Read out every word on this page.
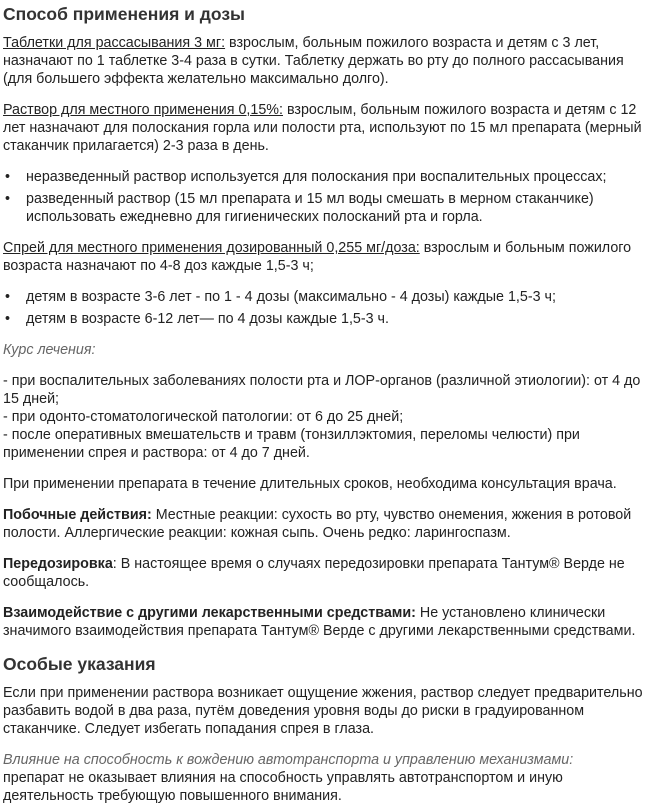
Способ применения и дозы

Таблетки для рассасывания 3 мг: взрослым, больным пожилого возраста и детям с 3 лет, назначают по 1 таблетке 3-4 раза в сутки. Таблетку держать во рту до полного рассасывания (для большего эффекта желательно максимально долго).

Раствор для местного применения 0,15%: взрослым, больным пожилого возраста и детям с 12 лет назначают для полоскания горла или полости рта, используют по 15 мл препарата (мерный стаканчик прилагается) 2-3 раза в день.

• неразведенный раствор используется для полоскания при воспалительных процессах;
• разведенный раствор (15 мл препарата и 15 мл воды смешать в мерном стаканчике) использовать ежедневно для гигиенических полосканий рта и горла.

Спрей для местного применения дозированный 0,255 мг/доза: взрослым и больным пожилого возраста назначают по 4-8 доз каждые 1,5-3 ч;

• детям в возрасте 3-6 лет - по 1 - 4 дозы (максимально - 4 дозы) каждые 1,5-3 ч;
• детям в возрасте 6-12 лет— по 4 дозы каждые 1,5-3 ч.

Курс лечения:

- при воспалительных заболеваниях полости рта и ЛОР-органов (различной этиологии): от 4 до 15 дней;

- при одонто-стоматологической патологии: от 6 до 25 дней;

- после оперативных вмешательств и травм (тонзиллэктомия, переломы челюсти) при применении спрея и раствора: от 4 до 7 дней.

При применении препарата в течение длительных сроков, необходима консультация врача.

Побочные действия: Местные реакции: сухость во рту, чувство онемения, жжения в ротовой полости. Аллергические реакции: кожная сыпь. Очень редко: ларингоспазм.

Передозировка: В настоящее время о случаях передозировки препарата Тантум® Верде не сообщалось.

Взаимодействие с другими лекарственными средствами: Не установлено клинически значимого взаимодействия препарата Тантум® Верде с другими лекарственными средствами.

Особые указания

Если при применении раствора возникает ощущение жжения, раствор следует предварительно разбавить водой в два раза, путём доведения уровня воды до риски в градуированном стаканчике. Следует избегать попадания спрея в глаза.

Влияние на способность к вождению автотранспорта и управлению механизмами:

препарат не оказывает влияния на способность управлять автотранспортом и иную деятельность требующую повышенного внимания.
